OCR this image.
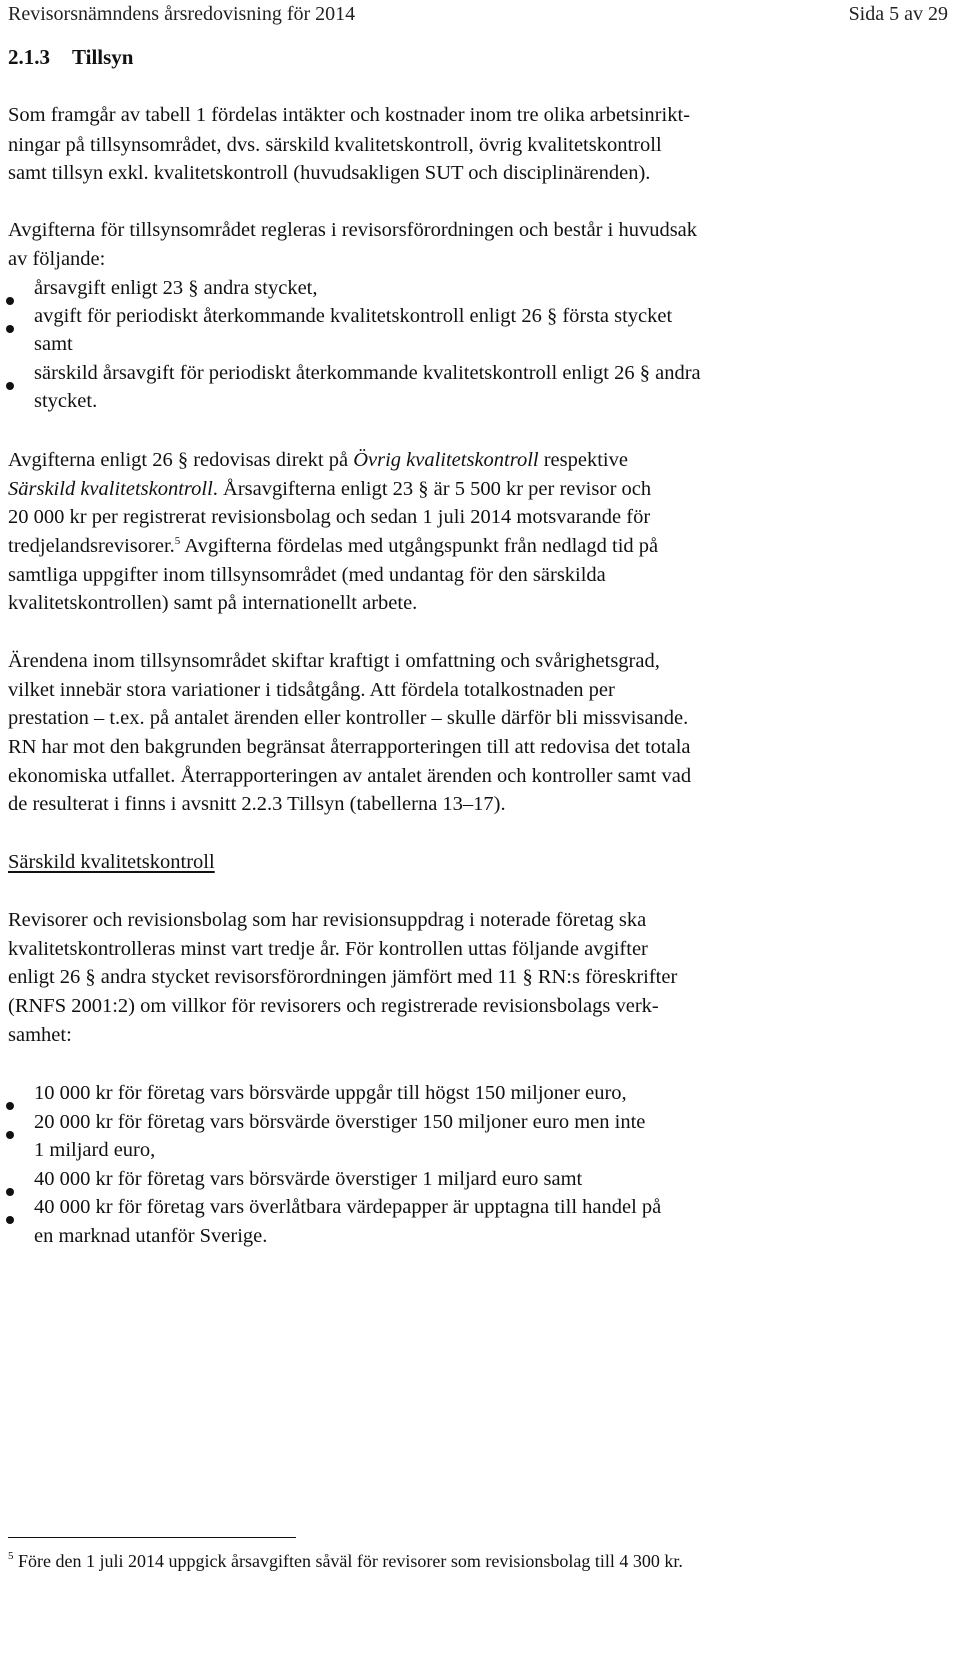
Revisorsnämndens årsredovisning för 2014	Sida 5 av 29
2.1.3 Tillsyn
Som framgår av tabell 1 fördelas intäkter och kostnader inom tre olika arbetsinrikt-
ningar på tillsynsområdet, dvs. särskild kvalitetskontroll, övrig kvalitetskontroll
samt tillsyn exkl. kvalitetskontroll (huvudsakligen SUT och disciplinärenden).
Avgifterna för tillsynsområdet regleras i revisorsförordningen och består i huvudsak
av följande:
årsavgift enligt 23 § andra stycket,
avgift för periodiskt återkommande kvalitetskontroll enligt 26 § första stycket
samt
särskild årsavgift för periodiskt återkommande kvalitetskontroll enligt 26 § andra
stycket.
Avgifterna enligt 26 § redovisas direkt på Övrig kvalitetskontroll respektive
Särskild kvalitetskontroll. Årsavgifterna enligt 23 § är 5 500 kr per revisor och
20 000 kr per registrerat revisionsbolag och sedan 1 juli 2014 motsvarande för
tredjelandsrevisorer.$^5$ Avgifterna fördelas med utgångspunkt från nedlagd tid på
samtliga uppgifter inom tillsynsområdet (med undantag för den särskilda
kvalitetskontrollen) samt på internationellt arbete.
Ärendena inom tillsynsområdet skiftar kraftigt i omfattning och svårighetsgrad,
vilket innebär stora variationer i tidsåtgång. Att fördela totalkostnaden per
prestation – t.ex. på antalet ärenden eller kontroller – skulle därför bli missvisande.
RN har mot den bakgrunden begränsat återrapporteringen till att redovisa det totala
ekonomiska utfallet. Återrapporteringen av antalet ärenden och kontroller samt vad
de resulterat i finns i avsnitt 2.2.3 Tillsyn (tabellerna 13–17).
Särskild kvalitetskontroll
Revisorer och revisionsbolag som har revisionsuppdrag i noterade företag ska
kvalitetskontrolleras minst vart tredje år. För kontrollen uttas följande avgifter
enligt 26 § andra stycket revisorsförordningen jämfört med 11 § RN:s föreskrifter
(RNFS 2001:2) om villkor för revisorers och registrerade revisionsbolags verk-
samhet:
10 000 kr för företag vars börsvärde uppgår till högst 150 miljoner euro,
20 000 kr för företag vars börsvärde överstiger 150 miljoner euro men inte
1 miljard euro,
40 000 kr för företag vars börsvärde överstiger 1 miljard euro samt
40 000 kr för företag vars överlåtbara värdepapper är upptagna till handel på
en marknad utanför Sverige.
$^5$ Före den 1 juli 2014 uppgick årsavgiften såväl för revisorer som revisionsbolag till 4 300 kr.
